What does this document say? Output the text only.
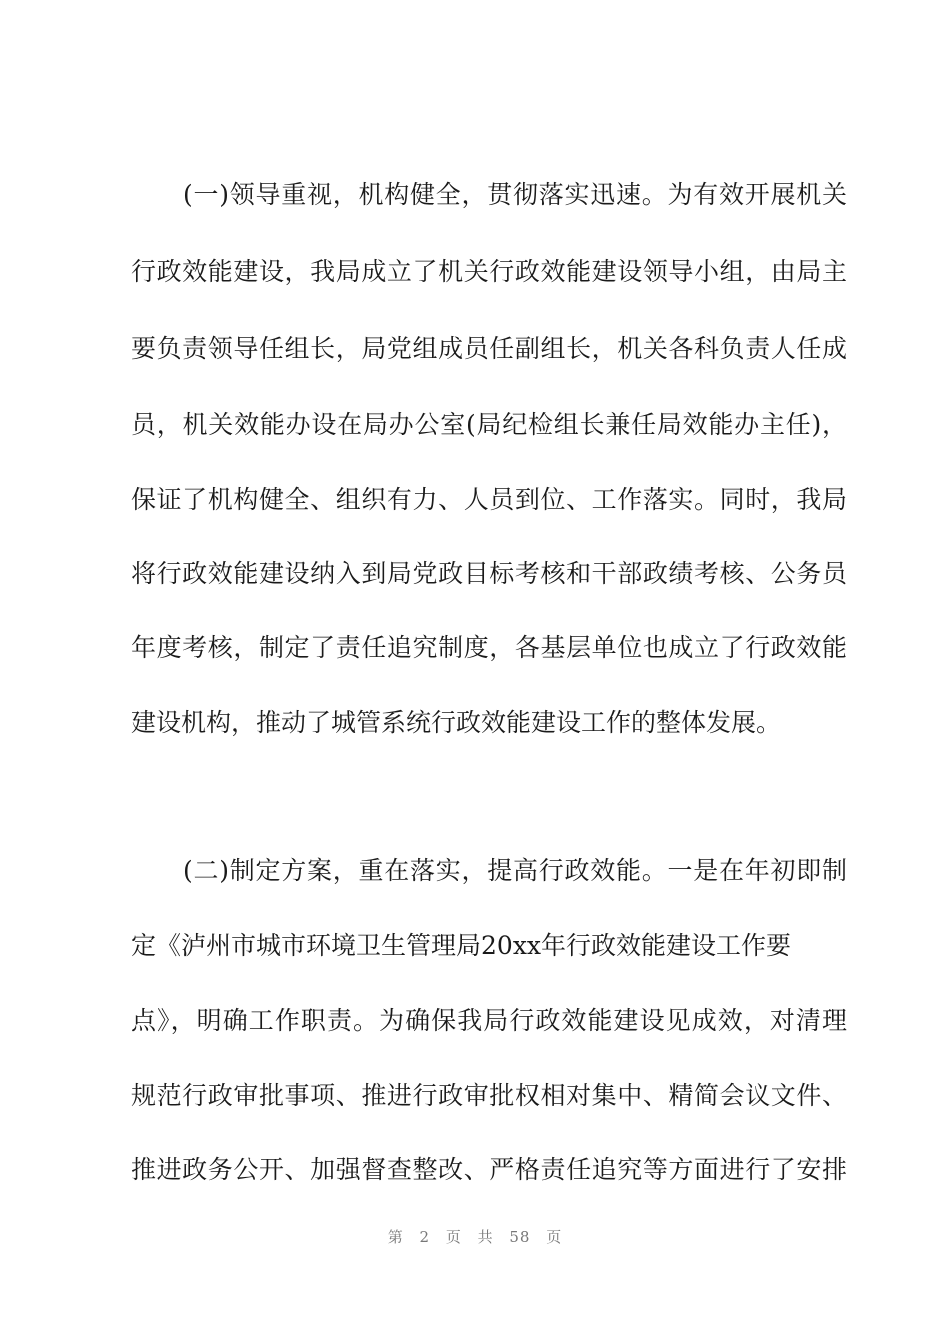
(一)领导重视，机构健全，贯彻落实迅速。为有效开展机关
行政效能建设，我局成立了机关行政效能建设领导小组，由局主
要负责领导任组长，局党组成员任副组长，机关各科负责人任成
员，机关效能办设在局办公室(局纪检组长兼任局效能办主任)，
保证了机构健全、组织有力、人员到位、工作落实。同时，我局
将行政效能建设纳入到局党政目标考核和干部政绩考核、公务员
年度考核，制定了责任追究制度，各基层单位也成立了行政效能
建设机构，推动了城管系统行政效能建设工作的整体发展。
(二)制定方案，重在落实，提高行政效能。一是在年初即制
定《泸州市城市环境卫生管理局20xx年行政效能建设工作要
点》，明确工作职责。为确保我局行政效能建设见成效，对清理
规范行政审批事项、推进行政审批权相对集中、精简会议文件、
推进政务公开、加强督查整改、严格责任追究等方面进行了安排
第 2 页 共 58 页
